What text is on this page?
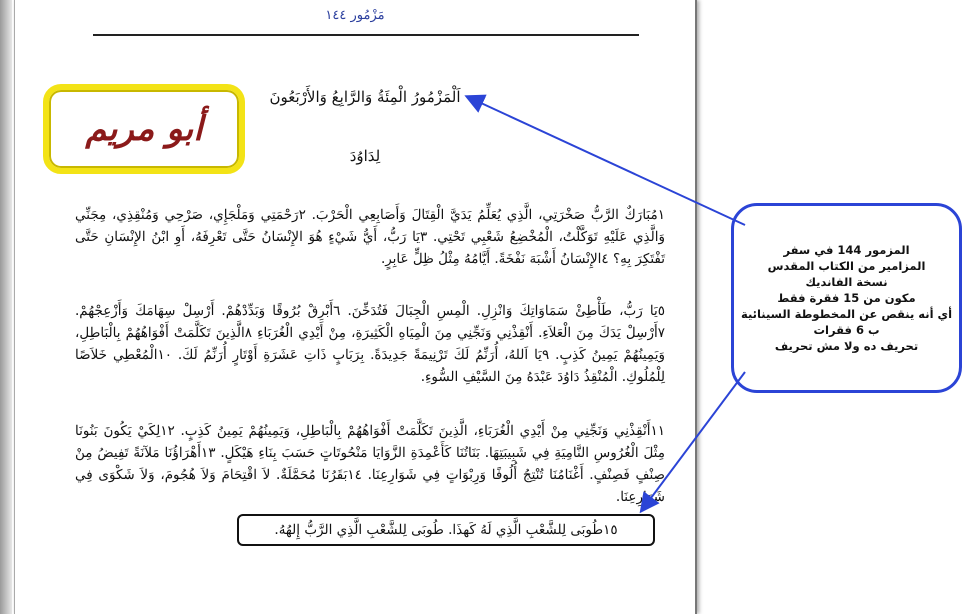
مَزْمُور ١٤٤
اَلْمَزْمُورُ الْمِئَةُ وَالرَّابِعُ وَالأَرْبَعُونَ
لِدَاوُدَ
أبو مريم

١مُبَارَكٌ الرَّبُّ صَخْرَتِي، الَّذِي يُعَلِّمُ يَدَيَّ الْقِتَالَ وَأَصَابِعِي الْحَرْبَ. ٢رَحْمَتِي وَمَلْجَإِي، صَرْحِي وَمُنْقِذِي، مِجَنِّي وَالَّذِي عَلَيْهِ تَوَكَّلْتُ، الْمُخْضِعُ شَعْبِي تَحْتِي. ٣يَا رَبُّ، أَيُّ شَيْءٍ هُوَ الإِنْسَانُ حَتَّى تَعْرِفَهُ، أَوِ ابْنُ الإِنْسَانِ حَتَّى تَفْتَكِرَ بِهِ؟ ٤الإِنْسَانُ أَشْبَهَ نَفْخَةً. أَيَّامُهُ مِثْلُ ظِلٍّ عَابِرٍ.

٥يَا رَبُّ، طَأْطِئْ سَمَاوَاتِكَ وَانْزِلِ. الْمِسِ الْجِبَالَ فَتُدَخِّنَ. ٦أَبْرِقْ بُرُوقًا وَبَدِّدْهُمْ. أَرْسِلْ سِهَامَكَ وَأَزْعِجْهُمْ. ٧أَرْسِلْ يَدَكَ مِنَ الْعَلاَءِ. أَنْقِذْنِي وَنَجِّنِي مِنَ الْمِيَاهِ الْكَثِيرَةِ، مِنْ أَيْدِي الْغُرَبَاءِ ٨الَّذِينَ تَكَلَّمَتْ أَفْوَاهُهُمْ بِالْبَاطِلِ، وَيَمِينُهُمْ يَمِينُ كَذِبٍ. ٩يَا اَللهُ، أُرَنِّمُ لَكَ تَرْنِيمَةً جَدِيدَةً. بِرَبَابٍ ذَاتِ عَشَرَةِ أَوْتَارٍ أُرَنِّمُ لَكَ. ١٠الْمُعْطِي خَلاَصًا لِلْمُلُوكِ. الْمُنْقِذُ دَاوُدَ عَبْدَهُ مِنَ السَّيْفِ السُّوءِ.

١١أَنْقِذْنِي وَنَجِّنِي مِنْ أَيْدِي الْغُرَبَاءِ، الَّذِينَ تَكَلَّمَتْ أَفْوَاهُهُمْ بِالْبَاطِلِ، وَيَمِينُهُمْ يَمِينُ كَذِبٍ. ١٢لِكَيْ يَكُونَ بَنُونَا مِثْلَ الْغُرُوسِ النَّامِيَةِ فِي شَبِيبَتِهَا. بَنَاتُنَا كَأَعْمِدَةِ الزَّوَايَا مَنْحُوتَاتٍ حَسَبَ بِنَاءِ هَيْكَلٍ. ١٣أَهْرَاؤُنَا مَلآنَةً تَفِيضُ مِنْ صِنْفٍ فَصِنْفٍ. أَغْنَامُنَا تُنْتِجُ أُلُوفًا وَرِبْوَاتٍ فِي شَوَارِعِنَا. ١٤بَقَرُنَا مُحَمَّلَةٌ. لاَ اقْتِحَامَ وَلاَ هُجُومَ، وَلاَ شَكْوَى فِي شَوَارِعِنَا.

١٥طُوبَى لِلشَّعْبِ الَّذِي لَهُ كَهذَا. طُوبَى لِلشَّعْبِ الَّذِي الرَّبُّ إِلهُهُ.
المزمور 144 في سفر
المزامير من الكتاب المقدس
نسخة الفانديك
مكون من 15 فقرة فقط
أي أنه ينقص عن المخطوطة السينائية
ب 6 فقرات
تحريف ده ولا مش تحريف
